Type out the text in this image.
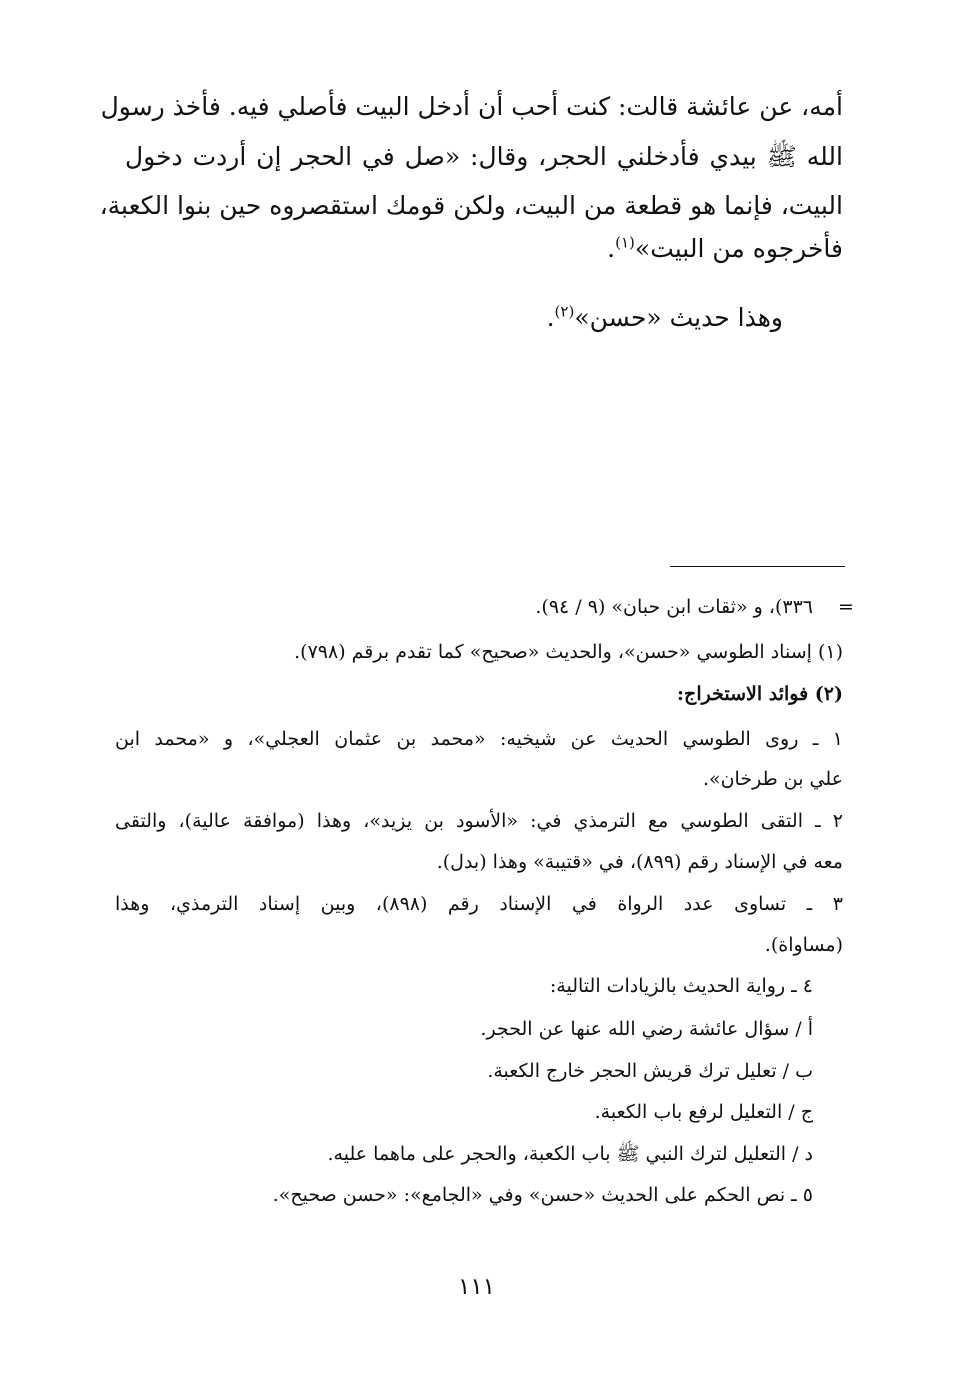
أمه، عن عائشة قالت: كنت أحب أن أدخل البيت فأصلي فيه. فأخذ رسول
الله ﷺ بيدي فأدخلني الحجر، وقال: «صل في الحجر إن أردت دخول
البيت، فإنما هو قطعة من البيت، ولكن قومك استقصروه حين بنوا الكعبة،
فأخرجوه من البيت»$^{(١)}$.
وهذا حديث «حسن»$^{(٢)}$.
=
٣٣٦)، و «ثقات ابن حبان» (٩ / ٩٤).
(١) إسناد الطوسي «حسن»، والحديث «صحيح» كما تقدم برقم (٧٩٨).
(٢) فوائد الاستخراج:
١ ـ روى الطوسي الحديث عن شيخيه: «محمد بن عثمان العجلي»، و «محمد ابن
علي بن طرخان».
٢ ـ التقى الطوسي مع الترمذي في: «الأسود بن يزيد»، وهذا (موافقة عالية)، والتقى
معه في الإسناد رقم (٨٩٩)، في «قتيبة» وهذا (بدل).
٣ ـ تساوى عدد الرواة في الإسناد رقم (٨٩٨)، وبين إسناد الترمذي، وهذا
(مساواة).
٤ ـ رواية الحديث بالزيادات التالية:
أ / سؤال عائشة رضي الله عنها عن الحجر.
ب / تعليل ترك قريش الحجر خارج الكعبة.
ج / التعليل لرفع باب الكعبة.
د / التعليل لترك النبي ﷺ باب الكعبة، والحجر على ماهما عليه.
٥ ـ نص الحكم على الحديث «حسن» وفي «الجامع»: «حسن صحيح».
١١١
